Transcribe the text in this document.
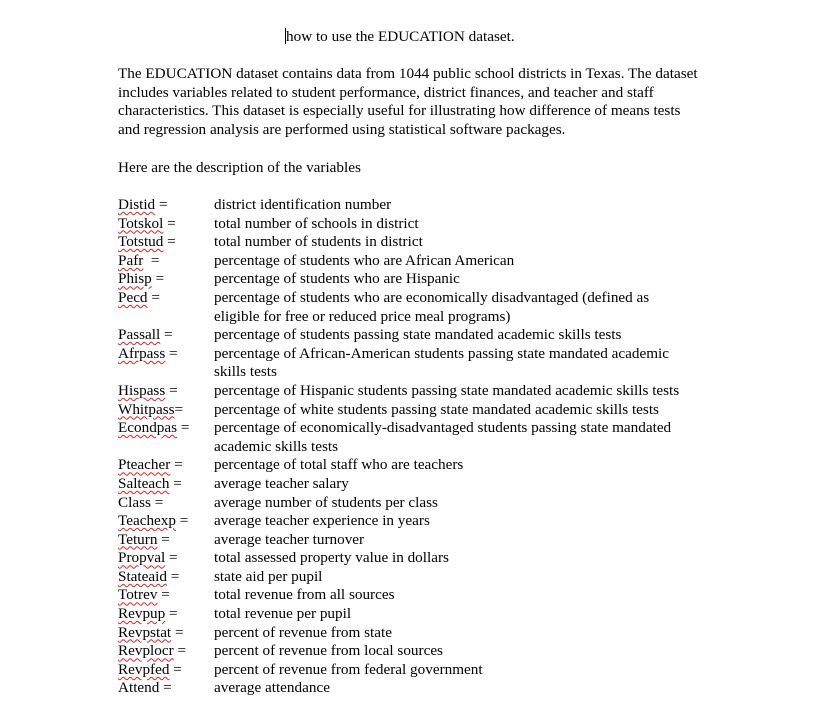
how to use the EDUCATION dataset.
The EDUCATION dataset contains data from 1044 public school districts in Texas. The dataset includes variables related to student performance, district finances, and teacher and staff characteristics. This dataset is especially useful for illustrating how difference of means tests and regression analysis are performed using statistical software packages.
Here are the description of the variables
Distid =	district identification number
Totskol =	total number of schools in district
Totstud =	total number of students in district
Pafr  =	percentage of students who are African American
Phisp =	percentage of students who are Hispanic
Pecd =	percentage of students who are economically disadvantaged (defined as eligible for free or reduced price meal programs)
Passall =	percentage of students passing state mandated academic skills tests
Afrpass =	percentage of African-American students passing state mandated academic skills tests
Hispass =	percentage of Hispanic students passing state mandated academic skills tests
Whitpass=	percentage of white students passing state mandated academic skills tests
Econdpas =	percentage of economically-disadvantaged students passing state mandated academic skills tests
Pteacher =	percentage of total staff who are teachers
Salteach =	average teacher salary
Class =	average number of students per class
Teachexp =	average teacher experience in years
Teturn =	average teacher turnover
Propval =	total assessed property value in dollars
Stateaid =	state aid per pupil
Totrev =	total revenue from all sources
Revpup =	total revenue per pupil
Revpstat =	percent of revenue from state
Revplocr =	percent of revenue from local sources
Revpfed =	percent of revenue from federal government
Attend =	average attendance
